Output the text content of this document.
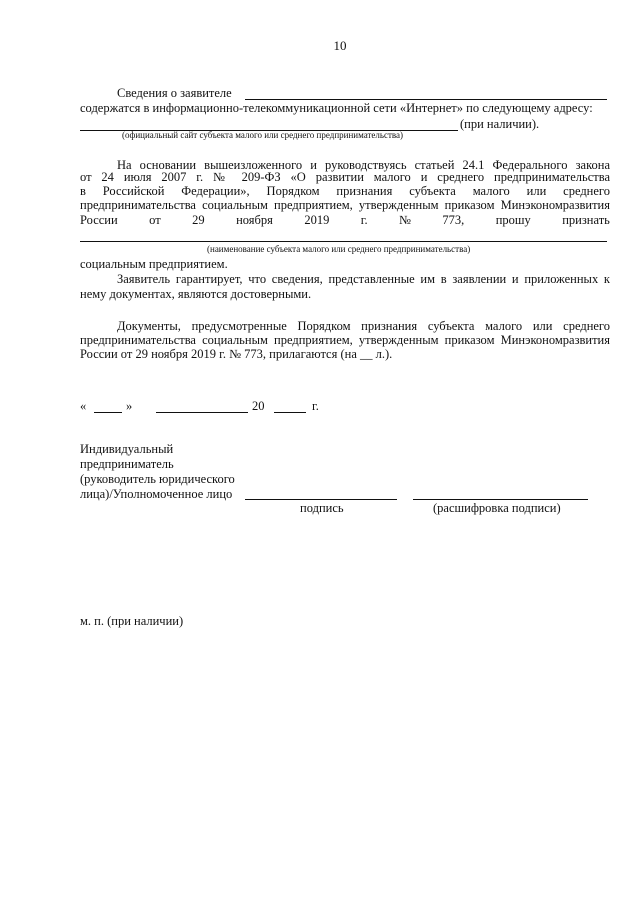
10
Сведения о заявителе
содержатся в информационно-телекоммуникационной сети «Интернет» по следующему адресу:
(при наличии).
(официальный сайт субъекта малого или среднего предпринимательства)
На основании вышеизложенного и руководствуясь статьей 24.1 Федерального закона
от 24 июля 2007 г. № 209-ФЗ «О развитии малого и среднего предпринимательства
в Российской Федерации», Порядком признания субъекта малого или среднего
предпринимательства социальным предприятием, утвержденным приказом Минэкономразвития
России	от	29	ноября	2019	г.	№	773,	прошу	признать
(наименование субъекта малого или среднего предпринимательства)
социальным предприятием.
Заявитель гарантирует, что сведения, представленные им в заявлении и приложенных к
нему документах, являются достоверными.
Документы, предусмотренные Порядком признания субъекта малого или среднего
предпринимательства социальным предприятием, утвержденным приказом Минэкономразвития
России от 29 ноября 2019 г. № 773, прилагаются (на __ л.).
«	»	20	г.
Индивидуальный
предприниматель
(руководитель юридического
лица)/Уполномоченное лицо
подпись	(расшифровка подписи)
м. п. (при наличии)
